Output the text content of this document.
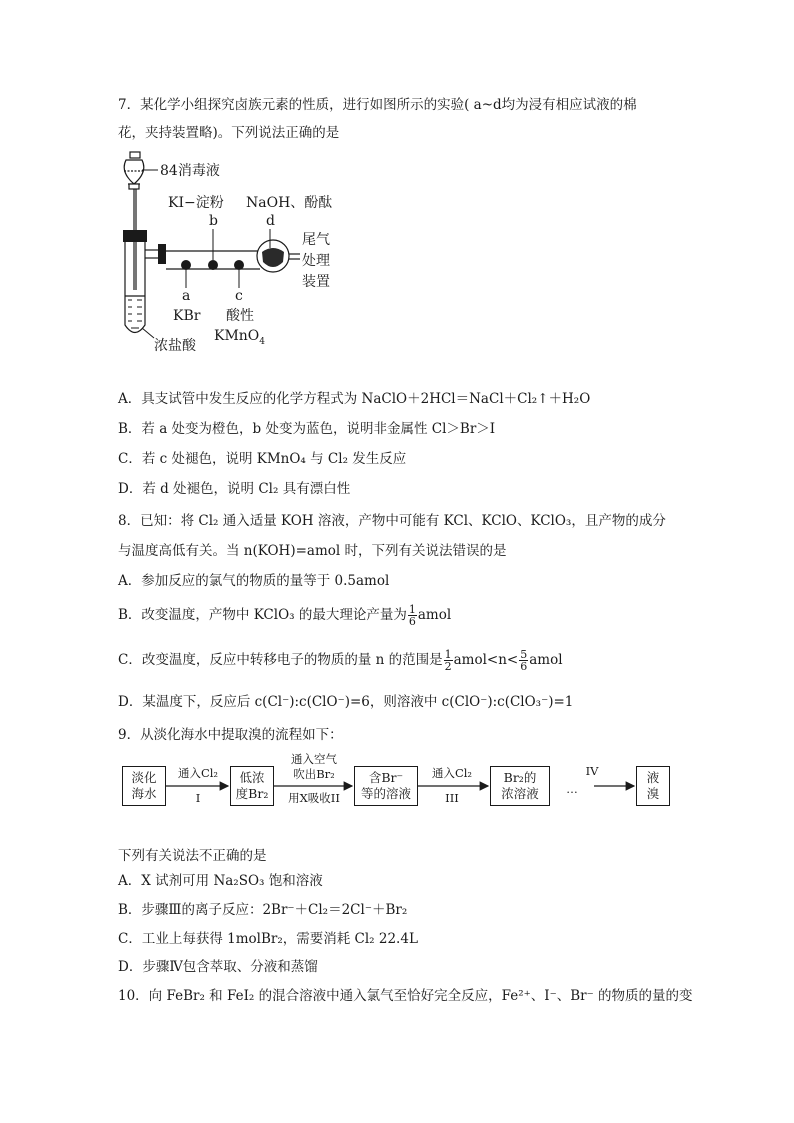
7．某化学小组探究卤族元素的性质，进行如图所示的实验( a~d均为浸有相应试液的棉
花，夹持装置略)。下列说法正确的是
84消毒液
浓盐酸
KI−淀粉
b
NaOH、酚酞
d
尾气
处理
装置
a
KBr
c
酸性
KMnO$_4$
A．具支试管中发生反应的化学方程式为 NaClO＋2HCl＝NaCl＋Cl₂↑＋H₂O
B．若 a 处变为橙色，b 处变为蓝色，说明非金属性 Cl＞Br＞I
C．若 c 处褪色，说明 KMnO₄ 与 Cl₂ 发生反应
D．若 d 处褪色，说明 Cl₂ 具有漂白性
8．已知：将 Cl₂ 通入适量 KOH 溶液，产物中可能有 KCl、KClO、KClO₃，且产物的成分
与温度高低有关。当 n(KOH)=amol 时，下列有关说法错误的是
A．参加反应的氯气的物质的量等于 0.5amol
B．改变温度，产物中 KClO₃ 的最大理论产量为 $\frac{1}{6}$ amol
C．改变温度，反应中转移电子的物质的量 n 的范围是 $\frac{1}{2}$ amol<n< $\frac{5}{6}$ amol
D．某温度下，反应后 c(Cl⁻):c(ClO⁻)=6，则溶液中 c(ClO⁻):c(ClO₃⁻)=1
9．从淡化海水中提取溴的流程如下：
淡化
海水
通入Cl₂
I
低浓
度Br₂
通入空气
吹出Br₂
用X吸收II
含Br⁻
等的溶液
通入Cl₂
III
Br₂的
浓溶液
IV
…
液
溴
下列有关说法不正确的是
A．X 试剂可用 Na₂SO₃ 饱和溶液
B．步骤Ⅲ的离子反应：2Br⁻＋Cl₂＝2Cl⁻＋Br₂
C．工业上每获得 1molBr₂，需要消耗 Cl₂ 22.4L
D．步骤Ⅳ包含萃取、分液和蒸馏
10．向 FeBr₂ 和 FeI₂ 的混合溶液中通入氯气至恰好完全反应，Fe²⁺、I⁻、Br⁻ 的物质的量的变
